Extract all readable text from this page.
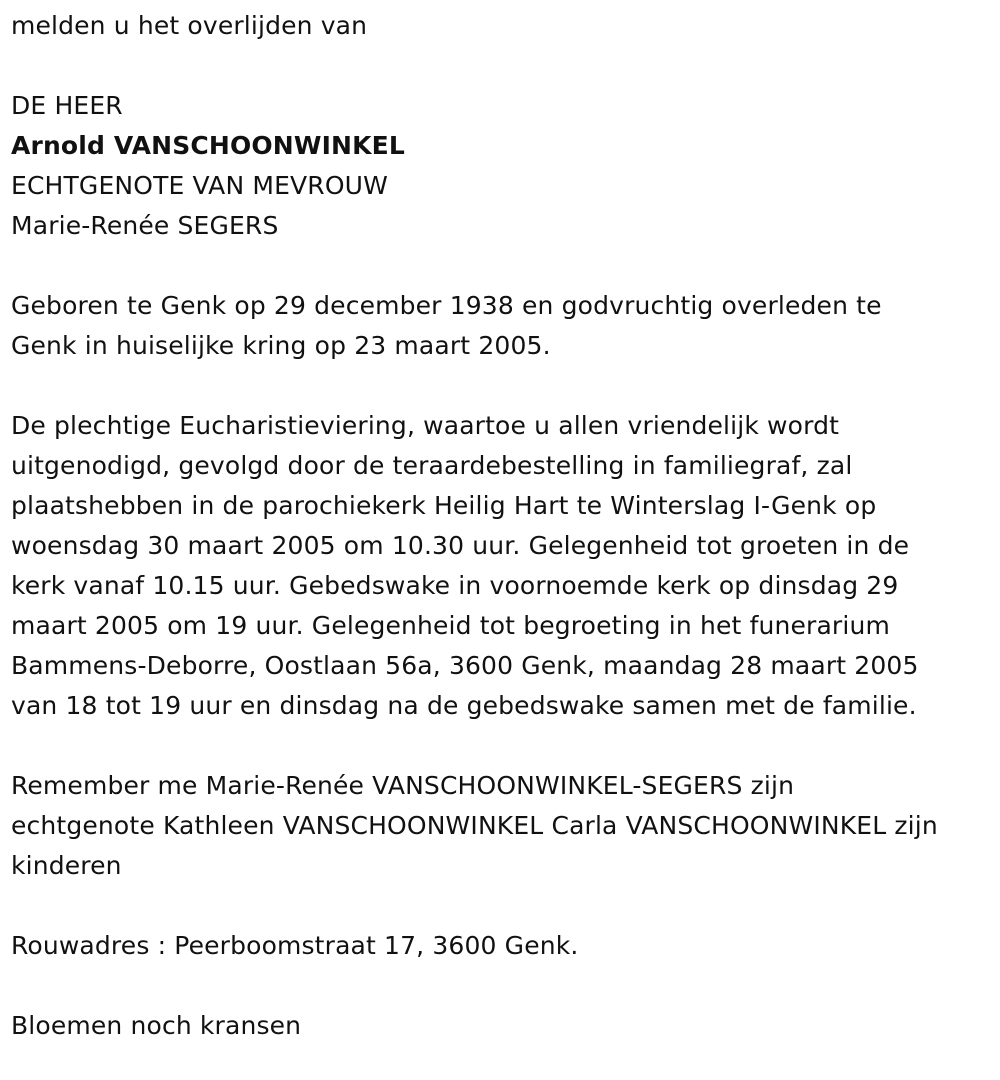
melden u het overlijden van

DE HEER

Arnold VANSCHOONWINKEL

ECHTGENOTE VAN MEVROUW

Marie-Renée SEGERS

Geboren te Genk op 29 december 1938 en godvruchtig overleden te

Genk in huiselijke kring op 23 maart 2005.

De plechtige Eucharistieviering, waartoe u allen vriendelijk wordt

uitgenodigd, gevolgd door de teraardebestelling in familiegraf, zal

plaatshebben in de parochiekerk Heilig Hart te Winterslag I-Genk op

woensdag 30 maart 2005 om 10.30 uur. Gelegenheid tot groeten in de

kerk vanaf 10.15 uur. Gebedswake in voornoemde kerk op dinsdag 29

maart 2005 om 19 uur. Gelegenheid tot begroeting in het funerarium

Bammens-Deborre, Oostlaan 56a, 3600 Genk, maandag 28 maart 2005

van 18 tot 19 uur en dinsdag na de gebedswake samen met de familie.

Remember me Marie-Renée VANSCHOONWINKEL-SEGERS zijn

echtgenote Kathleen VANSCHOONWINKEL Carla VANSCHOONWINKEL zijn

kinderen

Rouwadres : Peerboomstraat 17, 3600 Genk.

Bloemen noch kransen
